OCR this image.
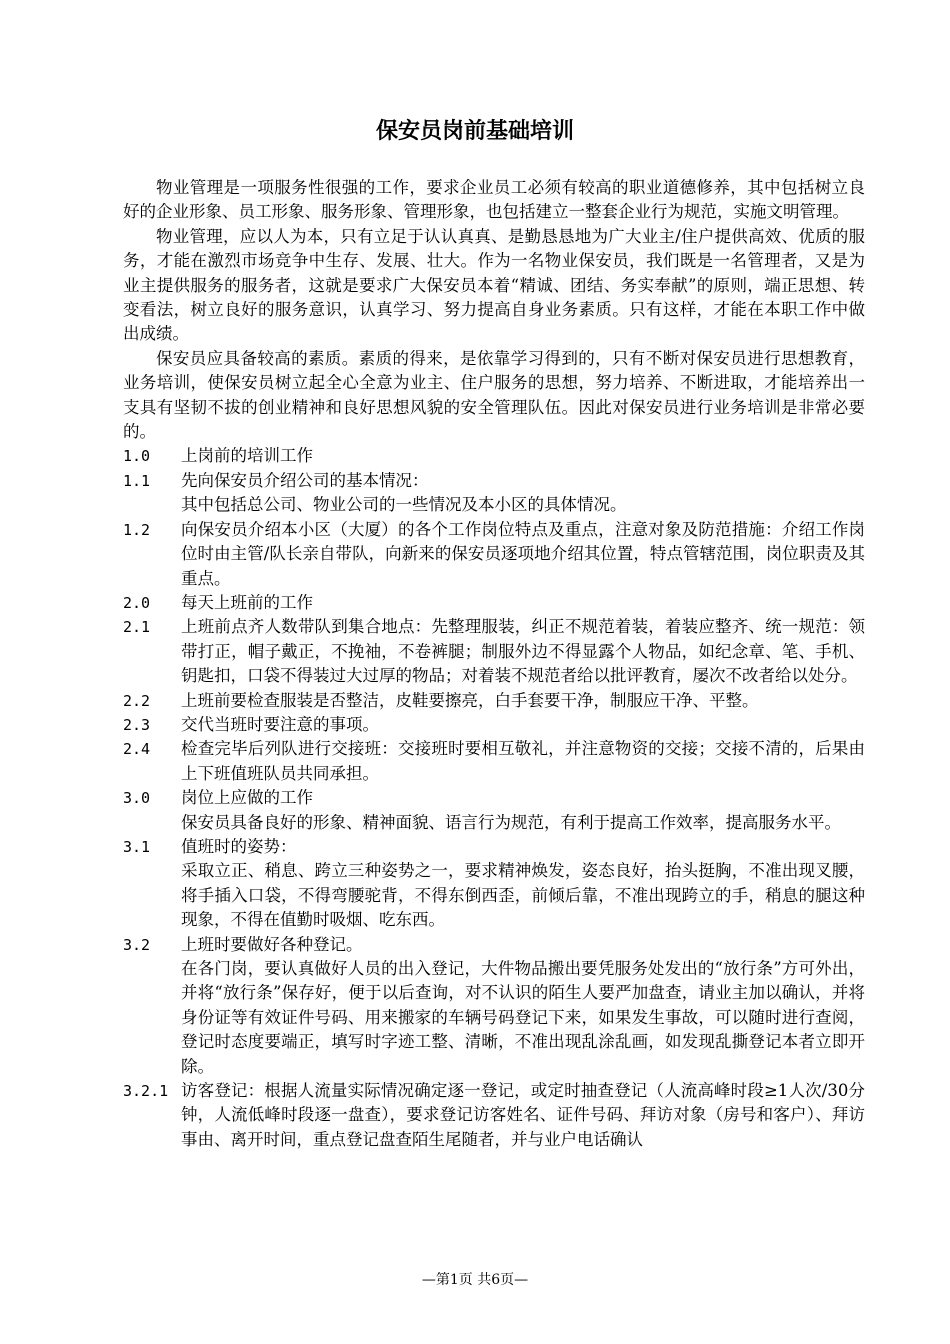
保安员岗前基础培训

物业管理是一项服务性很强的工作，要求企业员工必须有较高的职业道德修养，其中包括树立良好的企业形象、员工形象、服务形象、管理形象，也包括建立一整套企业行为规范，实施文明管理。

物业管理，应以人为本，只有立足于认认真真、是勤恳恳地为广大业主/住户提供高效、优质的服务，才能在激烈市场竞争中生存、发展、壮大。作为一名物业保安员，我们既是一名管理者，又是为业主提供服务的服务者，这就是要求广大保安员本着“精诚、团结、务实奉献”的原则，端正思想、转变看法，树立良好的服务意识，认真学习、努力提高自身业务素质。只有这样，才能在本职工作中做出成绩。

保安员应具备较高的素质。素质的得来，是依靠学习得到的，只有不断对保安员进行思想教育，业务培训，使保安员树立起全心全意为业主、住户服务的思想，努力培养、不断进取，才能培养出一支具有坚韧不拔的创业精神和良好思想风貌的安全管理队伍。因此对保安员进行业务培训是非常必要的。

1.0	上岗前的培训工作
1.1	先向保安员介绍公司的基本情况：

其中包括总公司、物业公司的一些情况及本小区的具体情况。

1.2	向保安员介绍本小区（大厦）的各个工作岗位特点及重点，注意对象及防范措施：介绍工作岗位时由主管/队长亲自带队，向新来的保安员逐项地介绍其位置，特点管辖范围，岗位职责及其重点。
2.0	每天上班前的工作
2.1	上班前点齐人数带队到集合地点：先整理服装，纠正不规范着装，着装应整齐、统一规范：领带打正，帽子戴正，不挽袖，不卷裤腿；制服外边不得显露个人物品，如纪念章、笔、手机、钥匙扣，口袋不得装过大过厚的物品；对着装不规范者给以批评教育，屡次不改者给以处分。
2.2	上班前要检查服装是否整洁，皮鞋要擦亮，白手套要干净，制服应干净、平整。
2.3	交代当班时要注意的事项。
2.4	检查完毕后列队进行交接班：交接班时要相互敬礼，并注意物资的交接；交接不清的，后果由上下班值班队员共同承担。
3.0	岗位上应做的工作

保安员具备良好的形象、精神面貌、语言行为规范，有利于提高工作效率，提高服务水平。

3.1	值班时的姿势：

采取立正、稍息、跨立三种姿势之一，要求精神焕发，姿态良好，抬头挺胸，不准出现叉腰，将手插入口袋，不得弯腰驼背，不得东倒西歪，前倾后靠，不准出现跨立的手，稍息的腿这种现象，不得在值勤时吸烟、吃东西。

3.2	上班时要做好各种登记。

在各门岗，要认真做好人员的出入登记，大件物品搬出要凭服务处发出的“放行条”方可外出，并将“放行条”保存好，便于以后查询，对不认识的陌生人要严加盘查，请业主加以确认，并将身份证等有效证件号码、用来搬家的车辆号码登记下来，如果发生事故，可以随时进行查阅，登记时态度要端正，填写时字迹工整、清晰，不准出现乱涂乱画，如发现乱撕登记本者立即开除。

3.2.1 访客登记：根据人流量实际情况确定逐一登记，或定时抽查登记（人流高峰时段≥1人次/30分钟，人流低峰时段逐一盘查），要求登记访客姓名、证件号码、拜访对象（房号和客户）、拜访事由、离开时间，重点登记盘查陌生尾随者，并与业户电话确认
—第1页 共6页—
